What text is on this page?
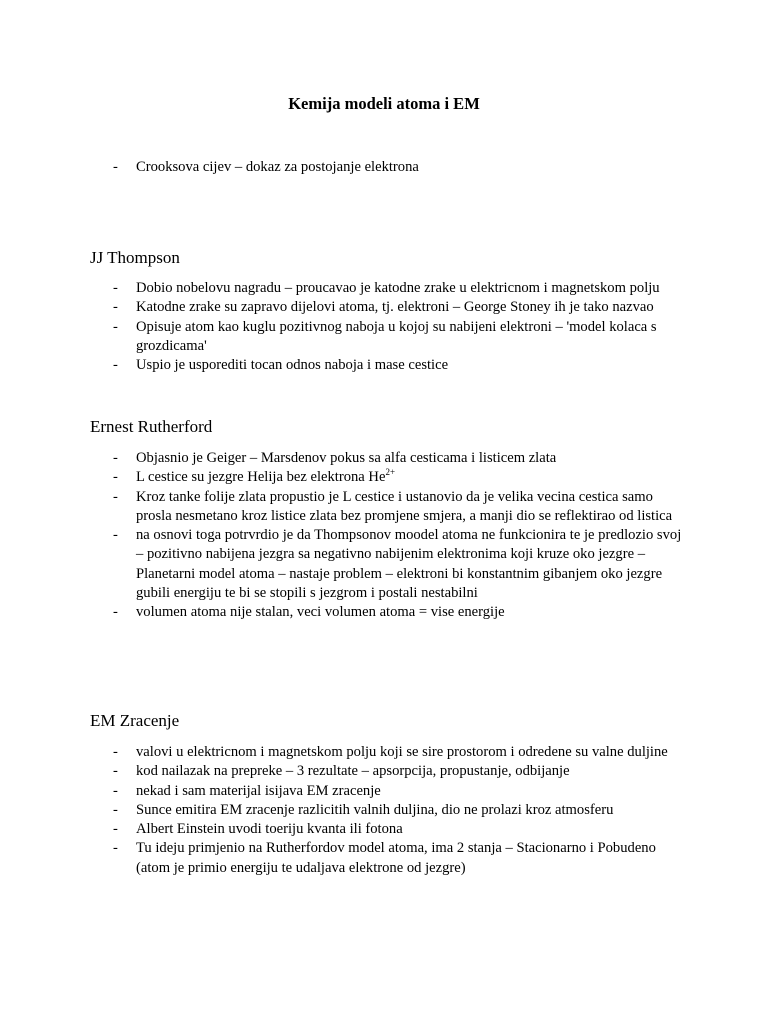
Kemija modeli atoma i EM
- Crooksova cijev – dokaz za postojanje elektrona
JJ Thompson
- Dobio nobelovu nagradu – proucavao je katodne zrake u elektricnom i magnetskom polju
- Katodne zrake su zapravo dijelovi atoma, tj. elektroni – George Stoney ih je tako nazvao
- Opisuje atom kao kuglu pozitivnog naboja u kojoj su nabijeni elektroni – 'model kolaca s grozdicama'
- Uspio je usporediti tocan odnos naboja i mase cestice
Ernest Rutherford
- Objasnio je Geiger – Marsdenov pokus sa alfa cesticama i listicem zlata
- L cestice su jezgre Helija bez elektrona $He^{2+}$
- Kroz tanke folije zlata propustio je L cestice i ustanovio da je velika vecina cestica samo prosla nesmetano kroz listice zlata bez promjene smjera, a manji dio se reflektirao od listica
- na osnovi toga potrvrdio je da Thompsonov moodel atoma ne funkcionira te je predlozio svoj – pozitivno nabijena jezgra sa negativno nabijenim elektronima koji kruze oko jezgre – Planetarni model atoma – nastaje problem – elektroni bi konstantnim gibanjem oko jezgre gubili energiju te bi se stopili s jezgrom i postali nestabilni
- volumen atoma nije stalan, veci volumen atoma = vise energije
EM Zracenje
- valovi u elektricnom i magnetskom polju koji se sire prostorom i odredene su valne duljine
- kod nailazak na prepreke – 3 rezultate – apsorpcija, propustanje, odbijanje
- nekad i sam materijal isijava EM zracenje
- Sunce emitira EM zracenje razlicitih valnih duljina, dio ne prolazi kroz atmosferu
- Albert Einstein uvodi toeriju kvanta ili fotona
- Tu ideju primjenio na Rutherfordov model atoma, ima 2 stanja – Stacionarno i Pobudeno (atom je primio energiju te udaljava elektrone od jezgre)
